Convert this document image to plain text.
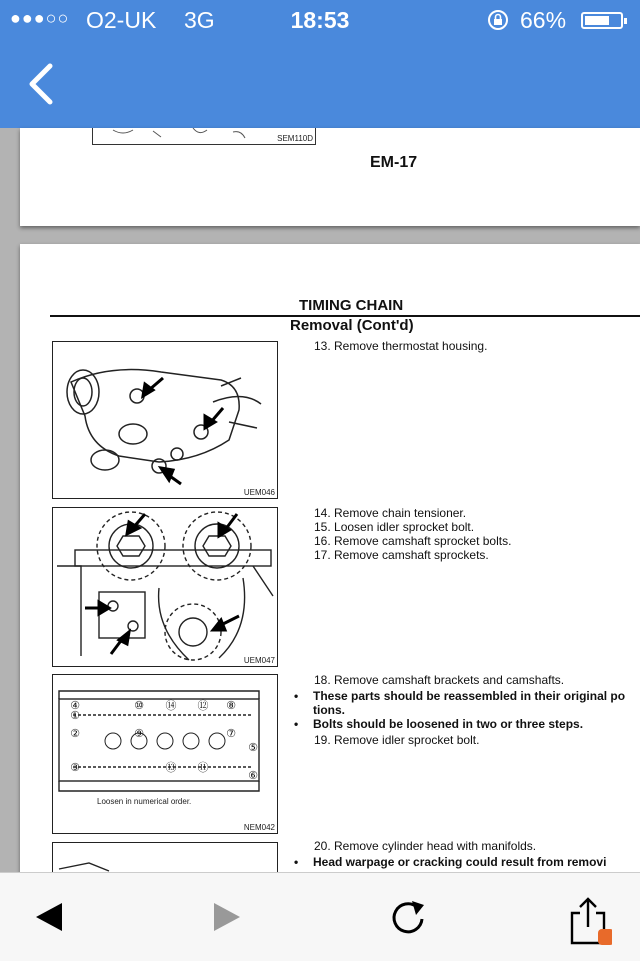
●●●○○ O2-UK 3G	18:53	66%
SEM110D
EM-17
TIMING CHAIN
Removal (Cont'd)
UEM046
UEM047
①
②
③
④
⑤
⑥
⑦
⑧
⑨
⑩
⑪
⑫
⑬
⑭
Loosen in numerical order.
NEM042
13. Remove thermostat housing.
14. Remove chain tensioner.
15. Loosen idler sprocket bolt.
16. Remove camshaft sprocket bolts.
17. Remove camshaft sprockets.
18. Remove camshaft brackets and camshafts.
• These parts should be reassembled in their original po
tions.
• Bolts should be loosened in two or three steps.
19. Remove idler sprocket bolt.
20. Remove cylinder head with manifolds.
• Head warpage or cracking could result from removi
